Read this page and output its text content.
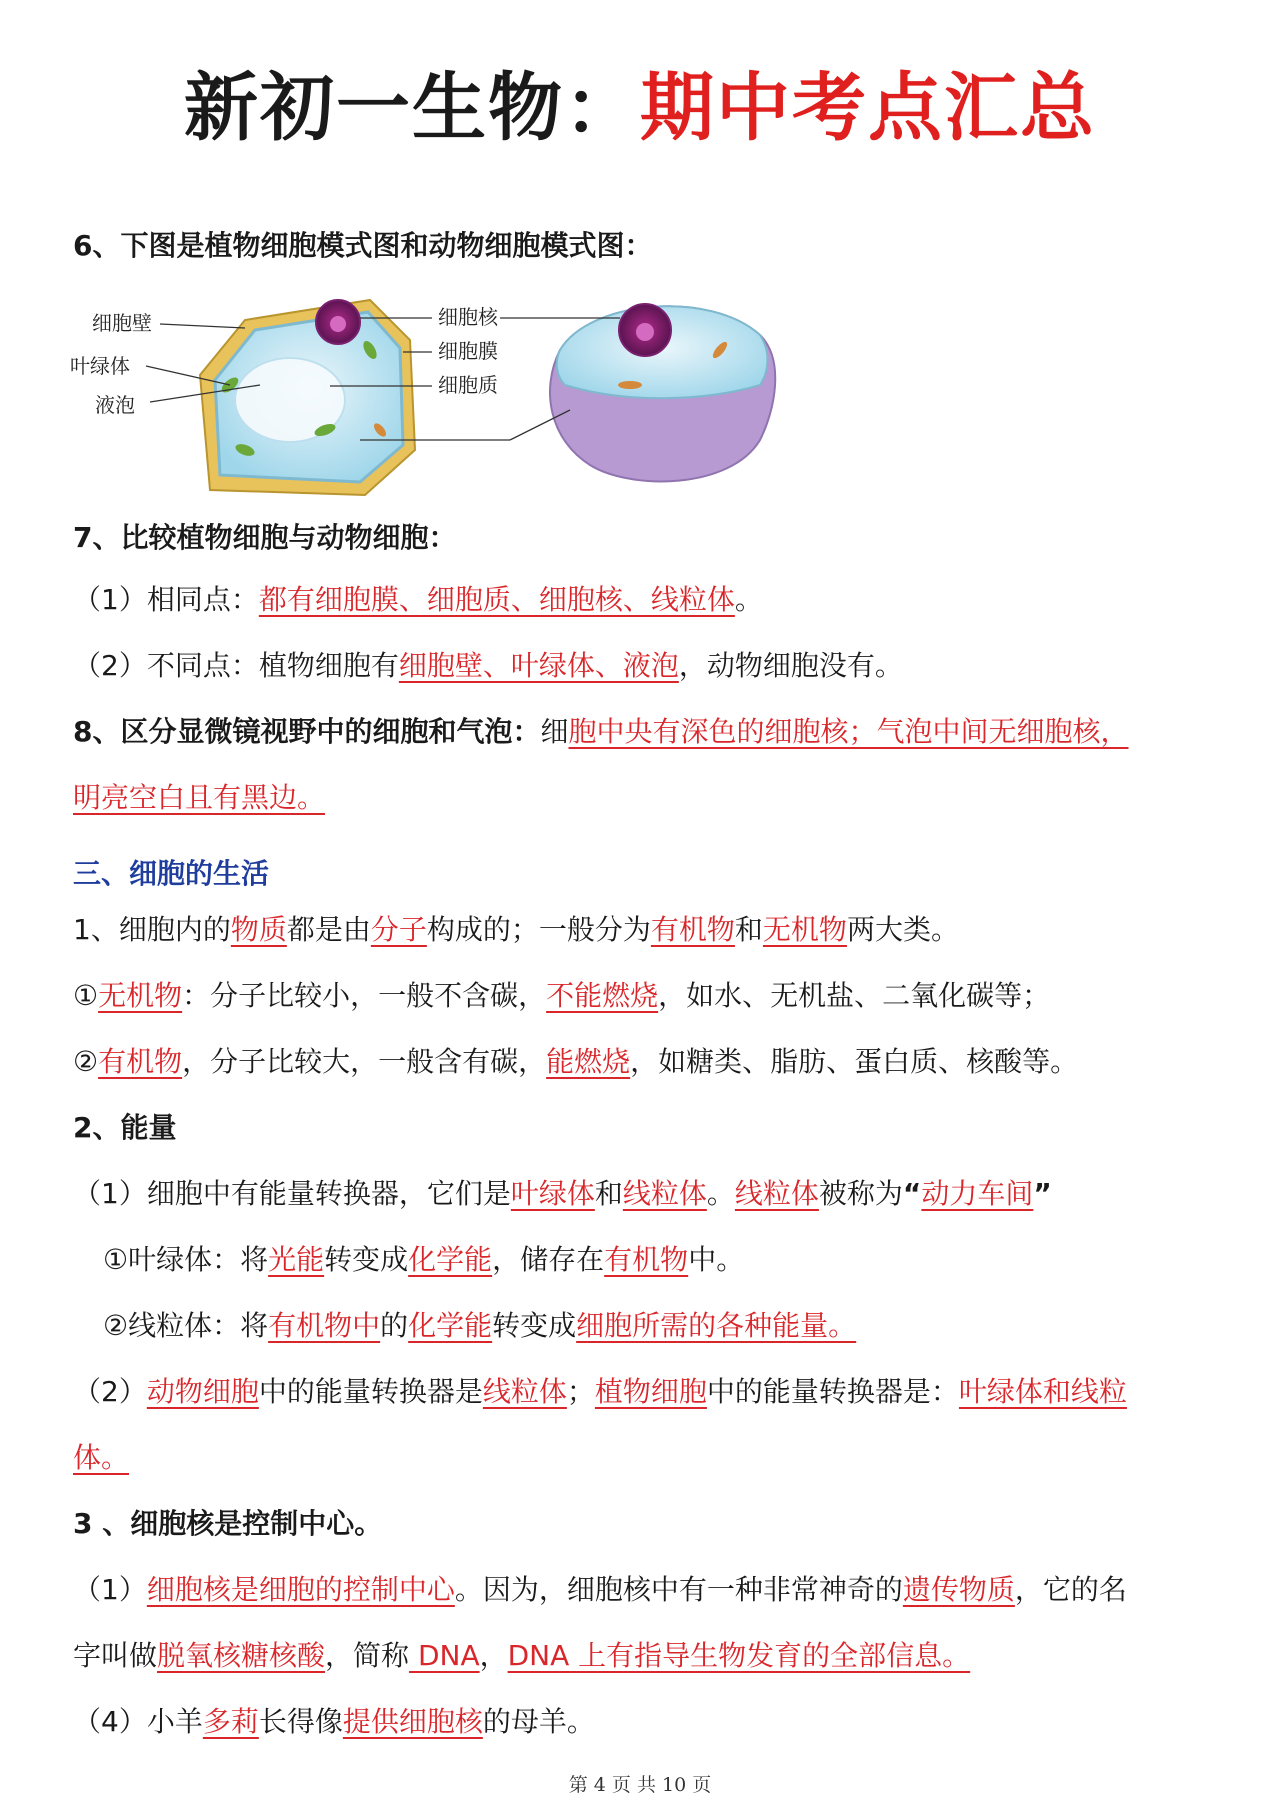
新初一生物：期中考点汇总
6、下图是植物细胞模式图和动物细胞模式图：
细胞壁
叶绿体
液泡
细胞核
细胞膜
细胞质
7、比较植物细胞与动物细胞：
（1）相同点：都有细胞膜、细胞质、细胞核、线粒体。
（2）不同点：植物细胞有细胞壁、叶绿体、液泡，动物细胞没有。
8、区分显微镜视野中的细胞和气泡：细胞中央有深色的细胞核；气泡中间无细胞核，
明亮空白且有黑边。
三、细胞的生活
1、细胞内的物质都是由分子构成的；一般分为有机物和无机物两大类。
①无机物：分子比较小，一般不含碳，不能燃烧，如水、无机盐、二氧化碳等；
②有机物，分子比较大，一般含有碳，能燃烧，如糖类、脂肪、蛋白质、核酸等。
2、能量
（1）细胞中有能量转换器，它们是叶绿体和线粒体。线粒体被称为“动力车间”
①叶绿体：将光能转变成化学能，储存在有机物中。
②线粒体：将有机物中的化学能转变成细胞所需的各种能量。
（2）动物细胞中的能量转换器是线粒体；植物细胞中的能量转换器是：叶绿体和线粒
体。
3 、细胞核是控制中心。
（1）细胞核是细胞的控制中心。因为，细胞核中有一种非常神奇的遗传物质，它的名
字叫做脱氧核糖核酸，简称 DNA，DNA 上有指导生物发育的全部信息。
（4）小羊多莉长得像提供细胞核的母羊。
第 4 页 共 10 页
